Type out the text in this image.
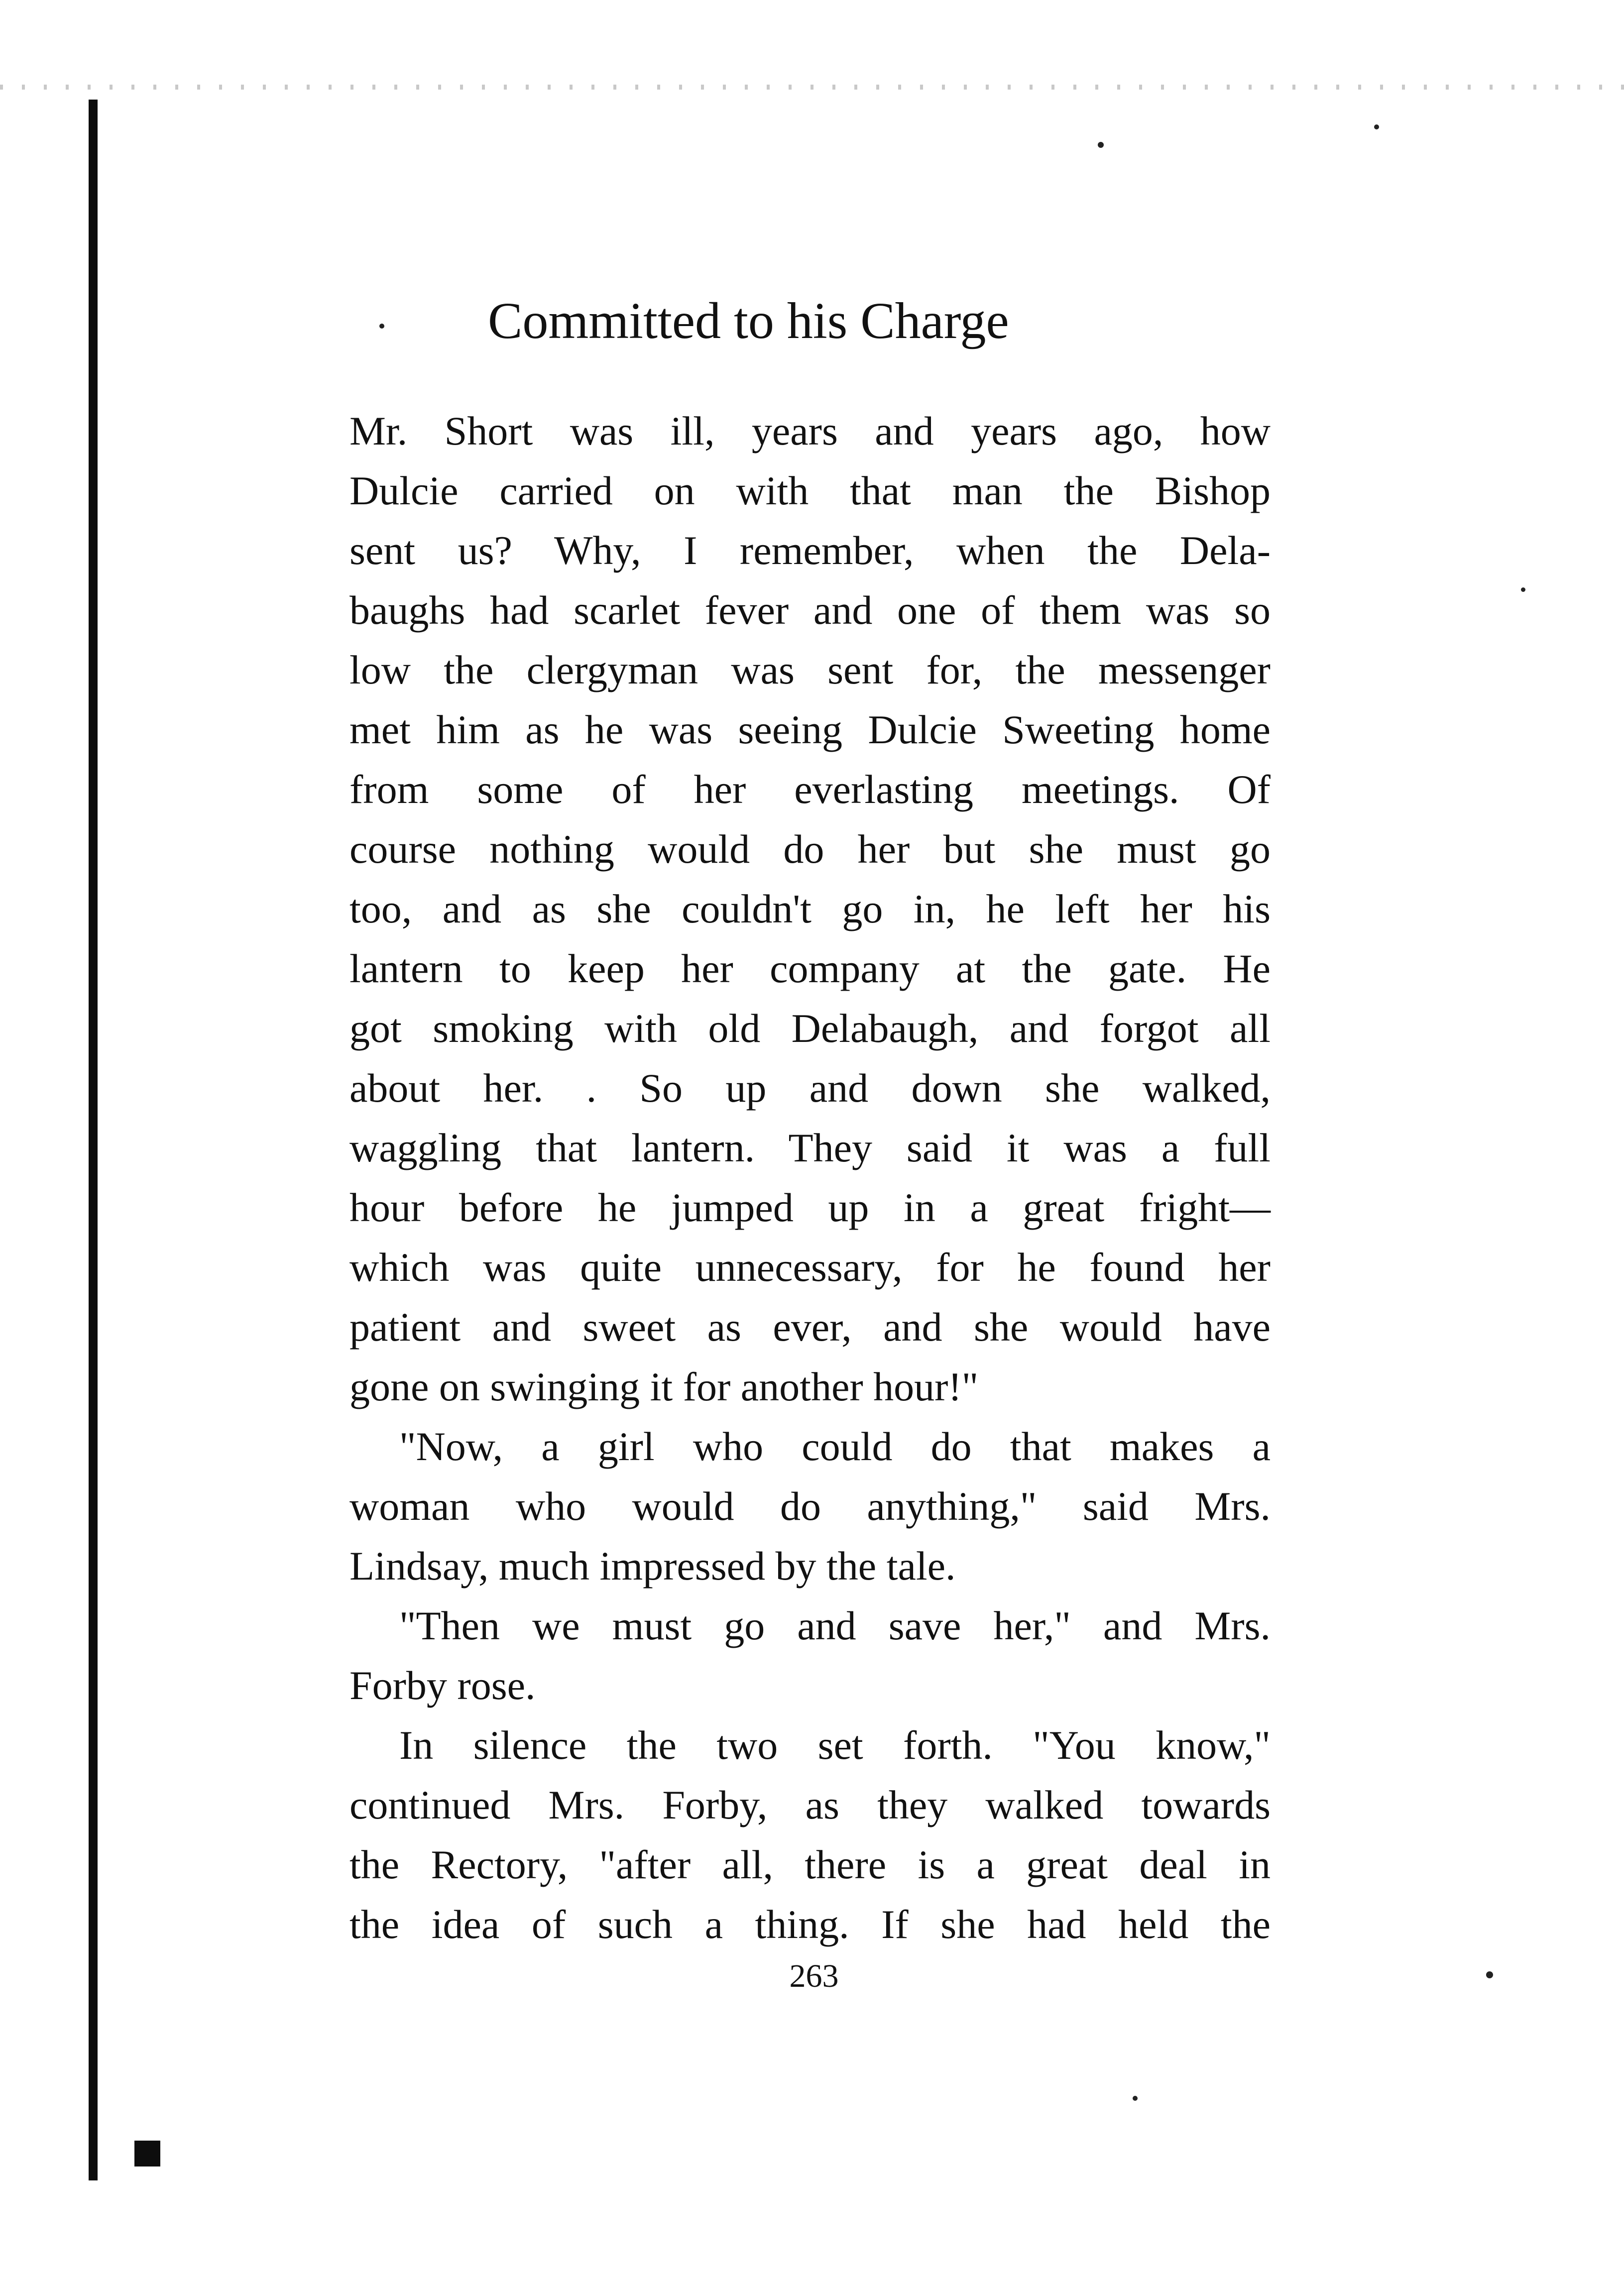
Committed to his Charge
Mr. Short was ill, years and years ago, how
Dulcie carried on with that man the Bishop
sent us? Why, I remember, when the Dela-
baughs had scarlet fever and one of them was so
low the clergyman was sent for, the messenger
met him as he was seeing Dulcie Sweeting home
from some of her everlasting meetings. Of
course nothing would do her but she must go
too, and as she couldn't go in, he left her his
lantern to keep her company at the gate. He
got smoking with old Delabaugh, and forgot all
about her. . So up and down she walked,
waggling that lantern. They said it was a full
hour before he jumped up in a great fright—
which was quite unnecessary, for he found her
patient and sweet as ever, and she would have
gone on swinging it for another hour!"
"Now, a girl who could do that makes a
woman who would do anything," said Mrs.
Lindsay, much impressed by the tale.
"Then we must go and save her," and Mrs.
Forby rose.
In silence the two set forth. "You know,"
continued Mrs. Forby, as they walked towards
the Rectory, "after all, there is a great deal in
the idea of such a thing. If she had held the
263
